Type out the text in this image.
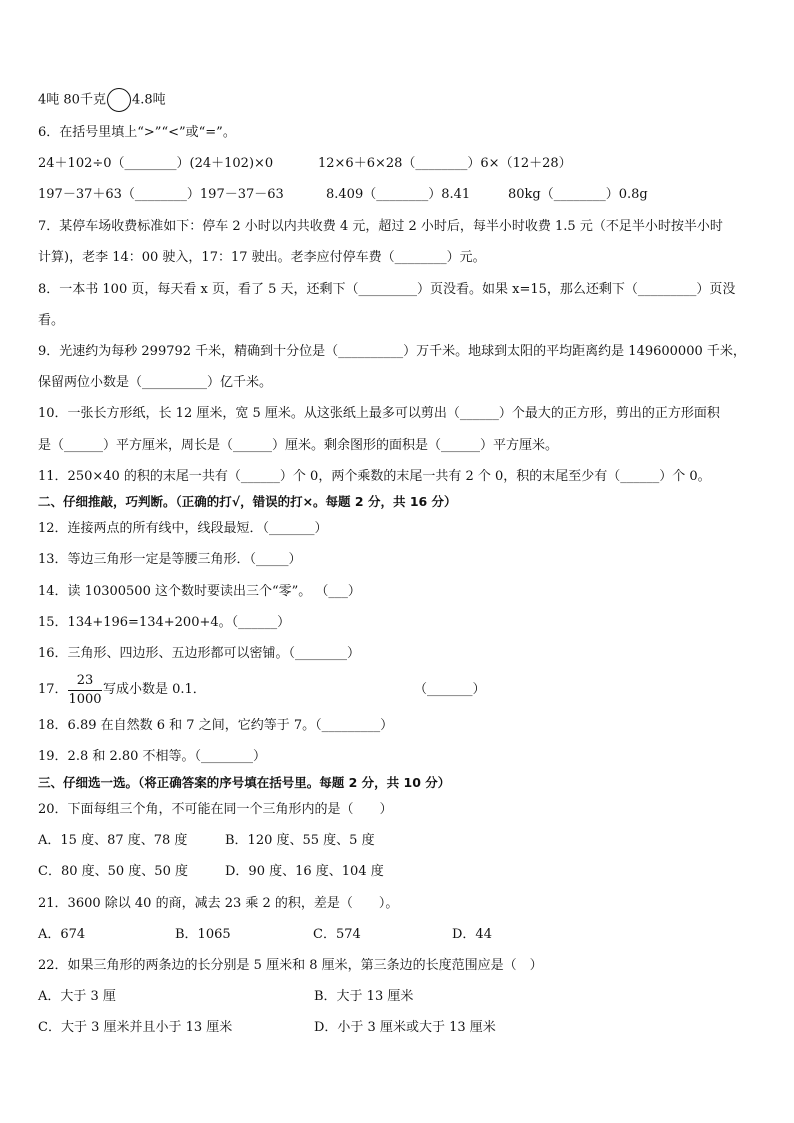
4吨 80千克 4.8吨
6．在括号里填上“>”“<”或“=”。
24＋102÷0（________）(24＋102)×0	12×6＋6×28（________）6×（12＋28）
197－37＋63（________）197－37－63	8.409（________）8.41	80kg（________）0.8g
7．某停车场收费标准如下：停车 2 小时以内共收费 4 元，超过 2 小时后，每半小时收费 1.5 元（不足半小时按半小时
计算)，老李 14：00 驶入，17：17 驶出。老李应付停车费（________）元。
8．一本书 100 页，每天看 x 页，看了 5 天，还剩下（_________）页没看。如果 x=15，那么还剩下（_________）页没
看。
9．光速约为每秒 299792 千米，精确到十分位是（__________）万千米。地球到太阳的平均距离约是 149600000 千米，
保留两位小数是（__________）亿千米。
10．一张长方形纸，长 12 厘米，宽 5 厘米。从这张纸上最多可以剪出（______）个最大的正方形，剪出的正方形面积
是（______）平方厘米，周长是（______）厘米。剩余图形的面积是（______）平方厘米。
11．250×40 的积的末尾一共有（______）个 0，两个乘数的末尾一共有 2 个 0，积的末尾至少有（______）个 0。
二、仔细推敲，巧判断。（正确的打√，错误的打×。每题 2 分，共 16 分）
12．连接两点的所有线中，线段最短．（_______）
13．等边三角形一定是等腰三角形．（_____）
14．读 10300500 这个数时要读出三个“零”。 （___）
15．134+196=134+200+4。（______）
16．三角形、四边形、五边形都可以密铺。（________）
17． $\frac{23}{1000}$ 写成小数是 0.1．	（_______）
18．6.89 在自然数 6 和 7 之间，它约等于 7。（_________）
19．2.8 和 2.80 不相等。（________）
三、仔细选一选。（将正确答案的序号填在括号里。每题 2 分，共 10 分）
20．下面每组三个角，不可能在同一个三角形内的是（　　）
A．15 度、87 度、78 度	B．120 度、55 度、5 度
C．80 度、50 度、50 度	D．90 度、16 度、104 度
21．3600 除以 40 的商，减去 23 乘 2 的积，差是（　　）。
A．674	B．1065	C．574	D．44
22．如果三角形的两条边的长分别是 5 厘米和 8 厘米，第三条边的长度范围应是（　）
A．大于 3 厘	B．大于 13 厘米
C．大于 3 厘米并且小于 13 厘米	D．小于 3 厘米或大于 13 厘米
